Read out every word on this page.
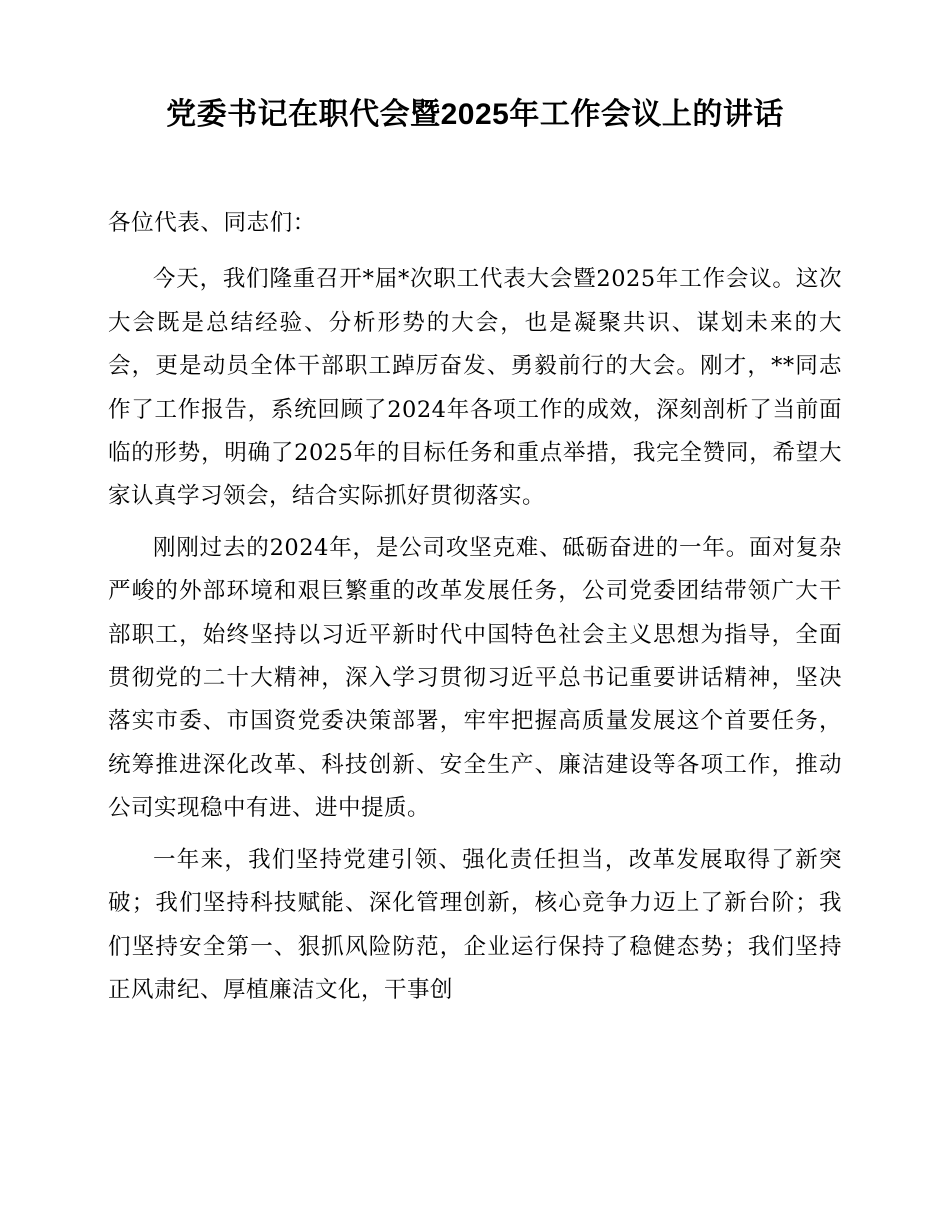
党委书记在职代会暨2025年工作会议上的讲话

各位代表、同志们：

今天，我们隆重召开*届*次职工代表大会暨2025年工作会议。这次大会既是总结经验、分析形势的大会，也是凝聚共识、谋划未来的大会，更是动员全体干部职工踔厉奋发、勇毅前行的大会。刚才，**同志作了工作报告，系统回顾了2024年各项工作的成效，深刻剖析了当前面临的形势，明确了2025年的目标任务和重点举措，我完全赞同，希望大家认真学习领会，结合实际抓好贯彻落实。

刚刚过去的2024年，是公司攻坚克难、砥砺奋进的一年。面对复杂严峻的外部环境和艰巨繁重的改革发展任务，公司党委团结带领广大干部职工，始终坚持以习近平新时代中国特色社会主义思想为指导，全面贯彻党的二十大精神，深入学习贯彻习近平总书记重要讲话精神，坚决落实市委、市国资党委决策部署，牢牢把握高质量发展这个首要任务，统筹推进深化改革、科技创新、安全生产、廉洁建设等各项工作，推动公司实现稳中有进、进中提质。

一年来，我们坚持党建引领、强化责任担当，改革发展取得了新突破；我们坚持科技赋能、深化管理创新，核心竞争力迈上了新台阶；我们坚持安全第一、狠抓风险防范，企业运行保持了稳健态势；我们坚持正风肃纪、厚植廉洁文化，干事创
